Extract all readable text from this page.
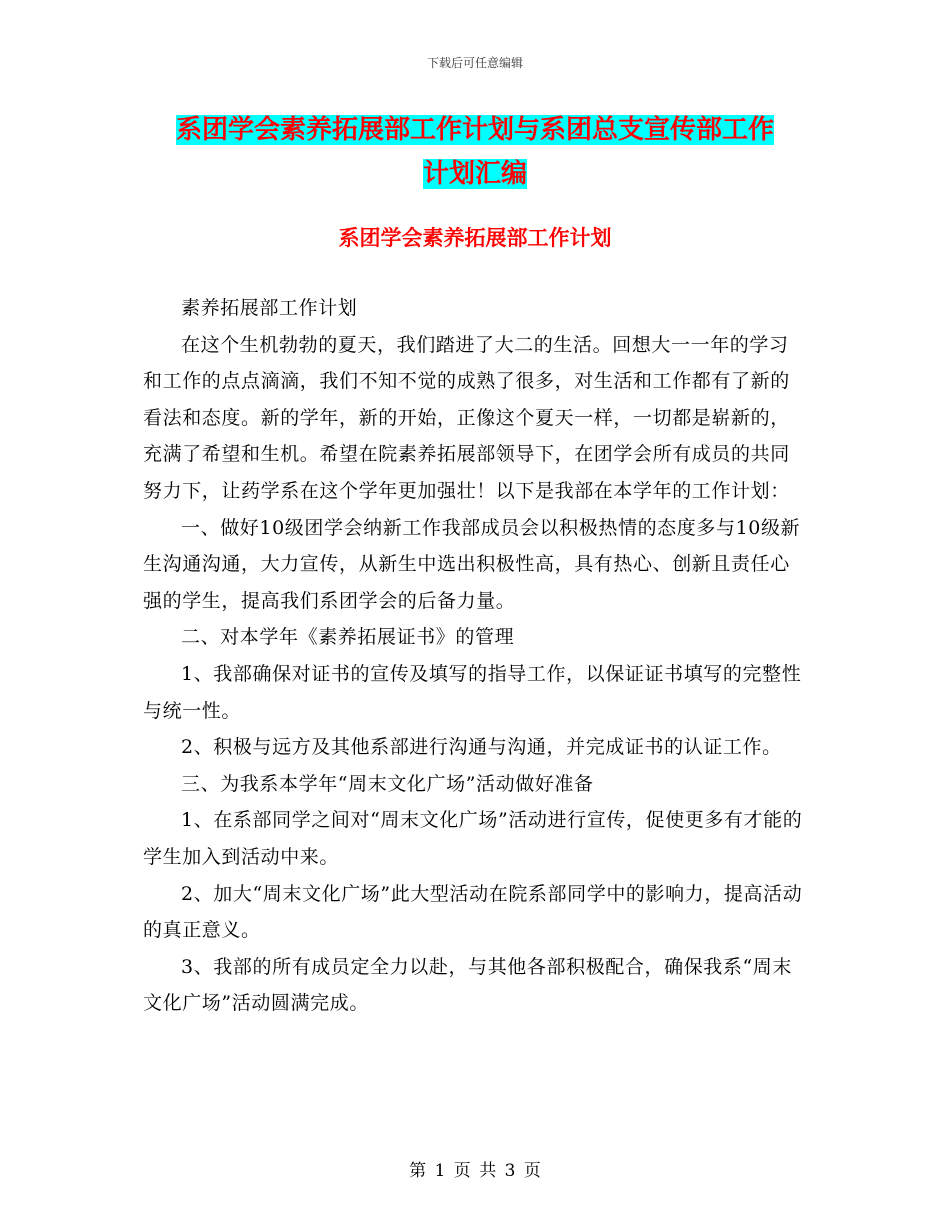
下载后可任意编辑
系团学会素养拓展部工作计划与系团总支宣传部工作
计划汇编
系团学会素养拓展部工作计划

素养拓展部工作计划

在这个生机勃勃的夏天，我们踏进了大二的生活。回想大一一年的学习和工作的点点滴滴，我们不知不觉的成熟了很多，对生活和工作都有了新的看法和态度。新的学年，新的开始，正像这个夏天一样，一切都是崭新的，充满了希望和生机。希望在院素养拓展部领导下，在团学会所有成员的共同努力下，让药学系在这个学年更加强壮！以下是我部在本学年的工作计划：

一、做好10级团学会纳新工作我部成员会以积极热情的态度多与10级新生沟通沟通，大力宣传，从新生中选出积极性高，具有热心、创新且责任心强的学生，提高我们系团学会的后备力量。

二、对本学年《素养拓展证书》的管理

1、我部确保对证书的宣传及填写的指导工作，以保证证书填写的完整性与统一性。

2、积极与远方及其他系部进行沟通与沟通，并完成证书的认证工作。

三、为我系本学年“周末文化广场”活动做好准备

1、在系部同学之间对“周末文化广场”活动进行宣传，促使更多有才能的学生加入到活动中来。

2、加大“周末文化广场”此大型活动在院系部同学中的影响力，提高活动的真正意义。

3、我部的所有成员定全力以赴，与其他各部积极配合，确保我系“周末文化广场”活动圆满完成。

第 1 页 共 3 页
